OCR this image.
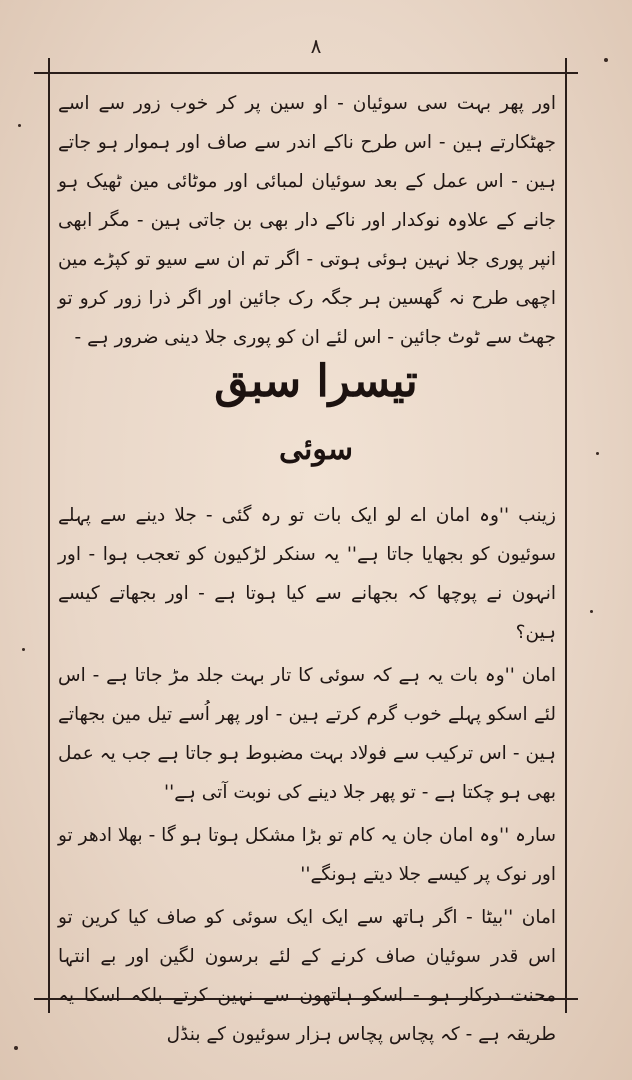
۸

اور پھر بہت سی سوئیان - او سین پر کر خوب زور سے اسے جھٹکارتے ہین - اس طرح ناکے اندر سے صاف اور ہموار ہو جاتے ہین - اس عمل کے بعد سوئیان لمبائی اور موٹائی مین ٹھیک ہو جانے کے علاوہ نوکدار اور ناکے دار بھی بن جاتی ہین - مگر ابھی انپر پوری جلا نہین ہوئی ہوتی - اگر تم ان سے سیو تو کپڑے مین اچھی طرح نہ گھسین ہر جگہ رک جائین اور اگر ذرا زور کرو تو جھٹ سے ٹوٹ جائین - اس لئے ان کو پوری جلا دینی ضرور ہے -

تیسرا سبق
سوئی

زینب ''وہ امان اے لو ایک بات تو رہ گئی - جلا دینے سے پہلے سوئیون کو بجھایا جاتا ہے'' یہ سنکر لڑکیون کو تعجب ہوا - اور انہون نے پوچھا کہ بجھانے سے کیا ہوتا ہے - اور بجھاتے کیسے ہین؟

امان ''وہ بات یہ ہے کہ سوئی کا تار بہت جلد مڑ جاتا ہے - اس لئے اسکو پہلے خوب گرم کرتے ہین - اور پھر اُسے تیل مین بجھاتے ہین - اس ترکیب سے فولاد بہت مضبوط ہو جاتا ہے جب یہ عمل بھی ہو چکتا ہے - تو پھر جلا دینے کی نوبت آتی ہے''

سارہ ''وہ امان جان یہ کام تو بڑا مشکل ہوتا ہو گا - بھلا ادھر تو اور نوک پر کیسے جلا دیتے ہونگے''

امان ''بیٹا - اگر ہاتھ سے ایک ایک سوئی کو صاف کیا کرین تو اس قدر سوئیان صاف کرنے کے لئے برسون لگین اور بے انتہا محنت درکار ہو - اسکو ہاتھون سے نہین کرتے بلکہ اسکا یہ طریقہ ہے - کہ پچاس پچاس ہزار سوئیون کے بنڈل
